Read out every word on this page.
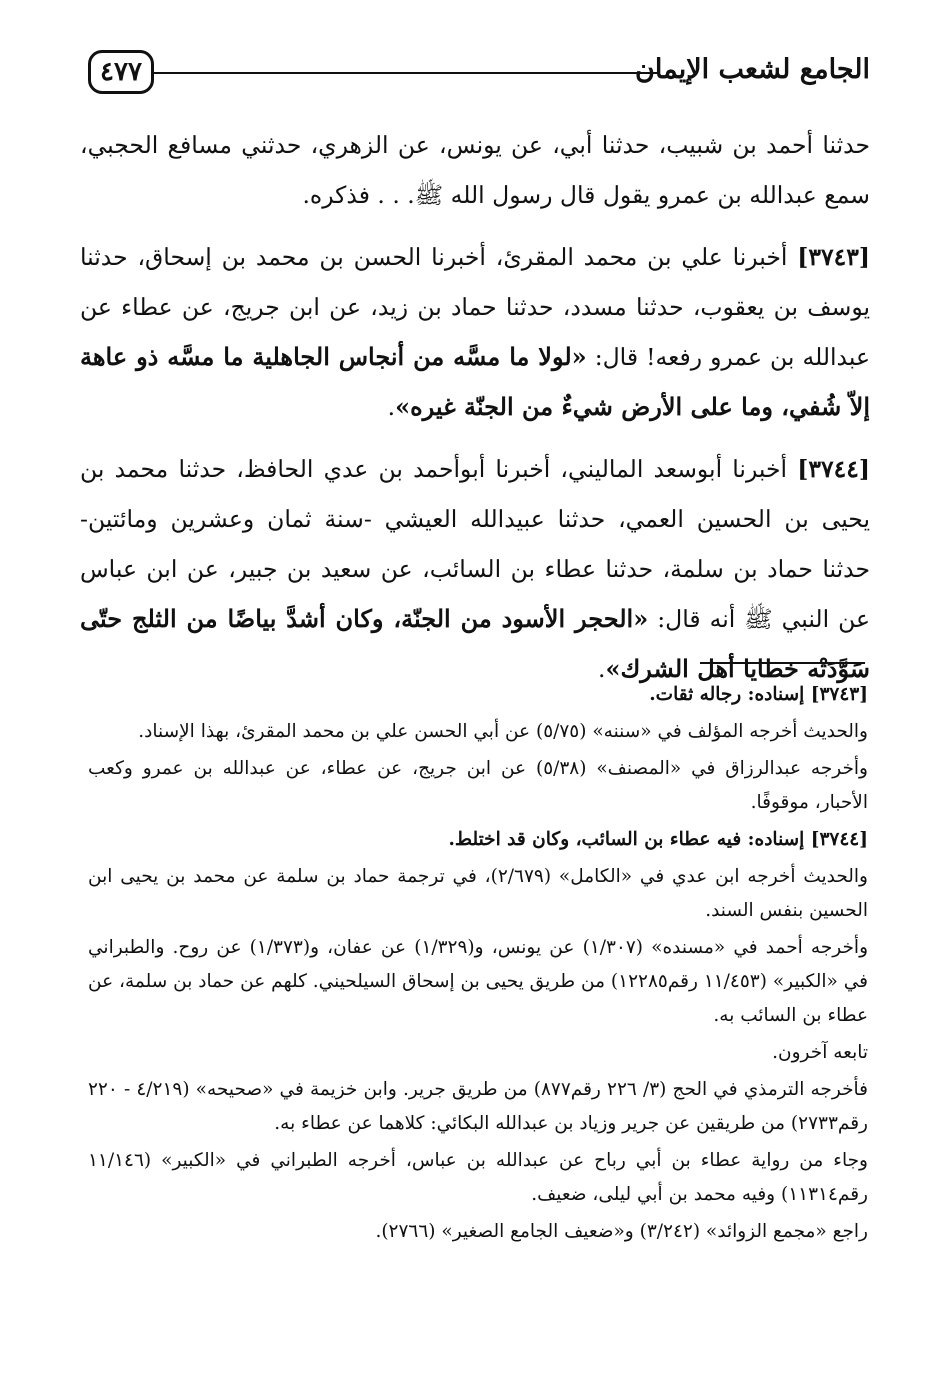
٤٧٧	الجامع لشعب الإيمان

حدثنا أحمد بن شبيب، حدثنا أبي، عن يونس، عن الزهري، حدثني مسافع الحجبي، سمع عبدالله بن عمرو يقول قال رسول الله ﷺ. . . فذكره.

[٣٧٤٣] أخبرنا علي بن محمد المقرئ، أخبرنا الحسن بن محمد بن إسحاق، حدثنا يوسف بن يعقوب، حدثنا مسدد، حدثنا حماد بن زيد، عن ابن جريج، عن عطاء عن عبدالله بن عمرو رفعه! قال: «لولا ما مسَّه من أنجاس الجاهلية ما مسَّه ذو عاهة إلاّ شُفي، وما على الأرض شيءٌ من الجنّة غيره».

[٣٧٤٤] أخبرنا أبوسعد الماليني، أخبرنا أبوأحمد بن عدي الحافظ، حدثنا محمد بن يحيى بن الحسين العمي، حدثنا عبيدالله العيشي -سنة ثمان وعشرين ومائتين- حدثنا حماد بن سلمة، حدثنا عطاء بن السائب، عن سعيد بن جبير، عن ابن عباس عن النبي ﷺ أنه قال: «الحجر الأسود من الجنّة، وكان أشدَّ بياضًا من الثلج حتّى سَوَّدَتْه خطايا أهل الشرك».

[٣٧٤٣] إسناده: رجاله ثقات.

والحديث أخرجه المؤلف في «سننه» (٥/٧٥) عن أبي الحسن علي بن محمد المقرئ، بهذا الإسناد.

وأخرجه عبدالرزاق في «المصنف» (٥/٣٨) عن ابن جريج، عن عطاء، عن عبدالله بن عمرو وكعب الأحبار، موقوفًا.

[٣٧٤٤] إسناده: فيه عطاء بن السائب، وكان قد اختلط.

والحديث أخرجه ابن عدي في «الكامل» (٢/٦٧٩)، في ترجمة حماد بن سلمة عن محمد بن يحيى ابن الحسين بنفس السند.

وأخرجه أحمد في «مسنده» (١/٣٠٧) عن يونس، و(١/٣٢٩) عن عفان، و(١/٣٧٣) عن روح. والطبراني في «الكبير» (١١/٤٥٣ رقم١٢٢٨٥) من طريق يحيى بن إسحاق السيلحيني. كلهم عن حماد بن سلمة، عن عطاء بن السائب به.

تابعه آخرون.

فأخرجه الترمذي في الحج (٣/ ٢٢٦ رقم٨٧٧) من طريق جرير. وابن خزيمة في «صحيحه» (٤/٢١٩ - ٢٢٠ رقم٢٧٣٣) من طريقين عن جرير وزياد بن عبدالله البكائي: كلاهما عن عطاء به.

وجاء من رواية عطاء بن أبي رباح عن عبدالله بن عباس، أخرجه الطبراني في «الكبير» (١١/١٤٦ رقم١١٣١٤) وفيه محمد بن أبي ليلى، ضعيف.

راجع «مجمع الزوائد» (٣/٢٤٢) و«ضعيف الجامع الصغير» (٢٧٦٦).
